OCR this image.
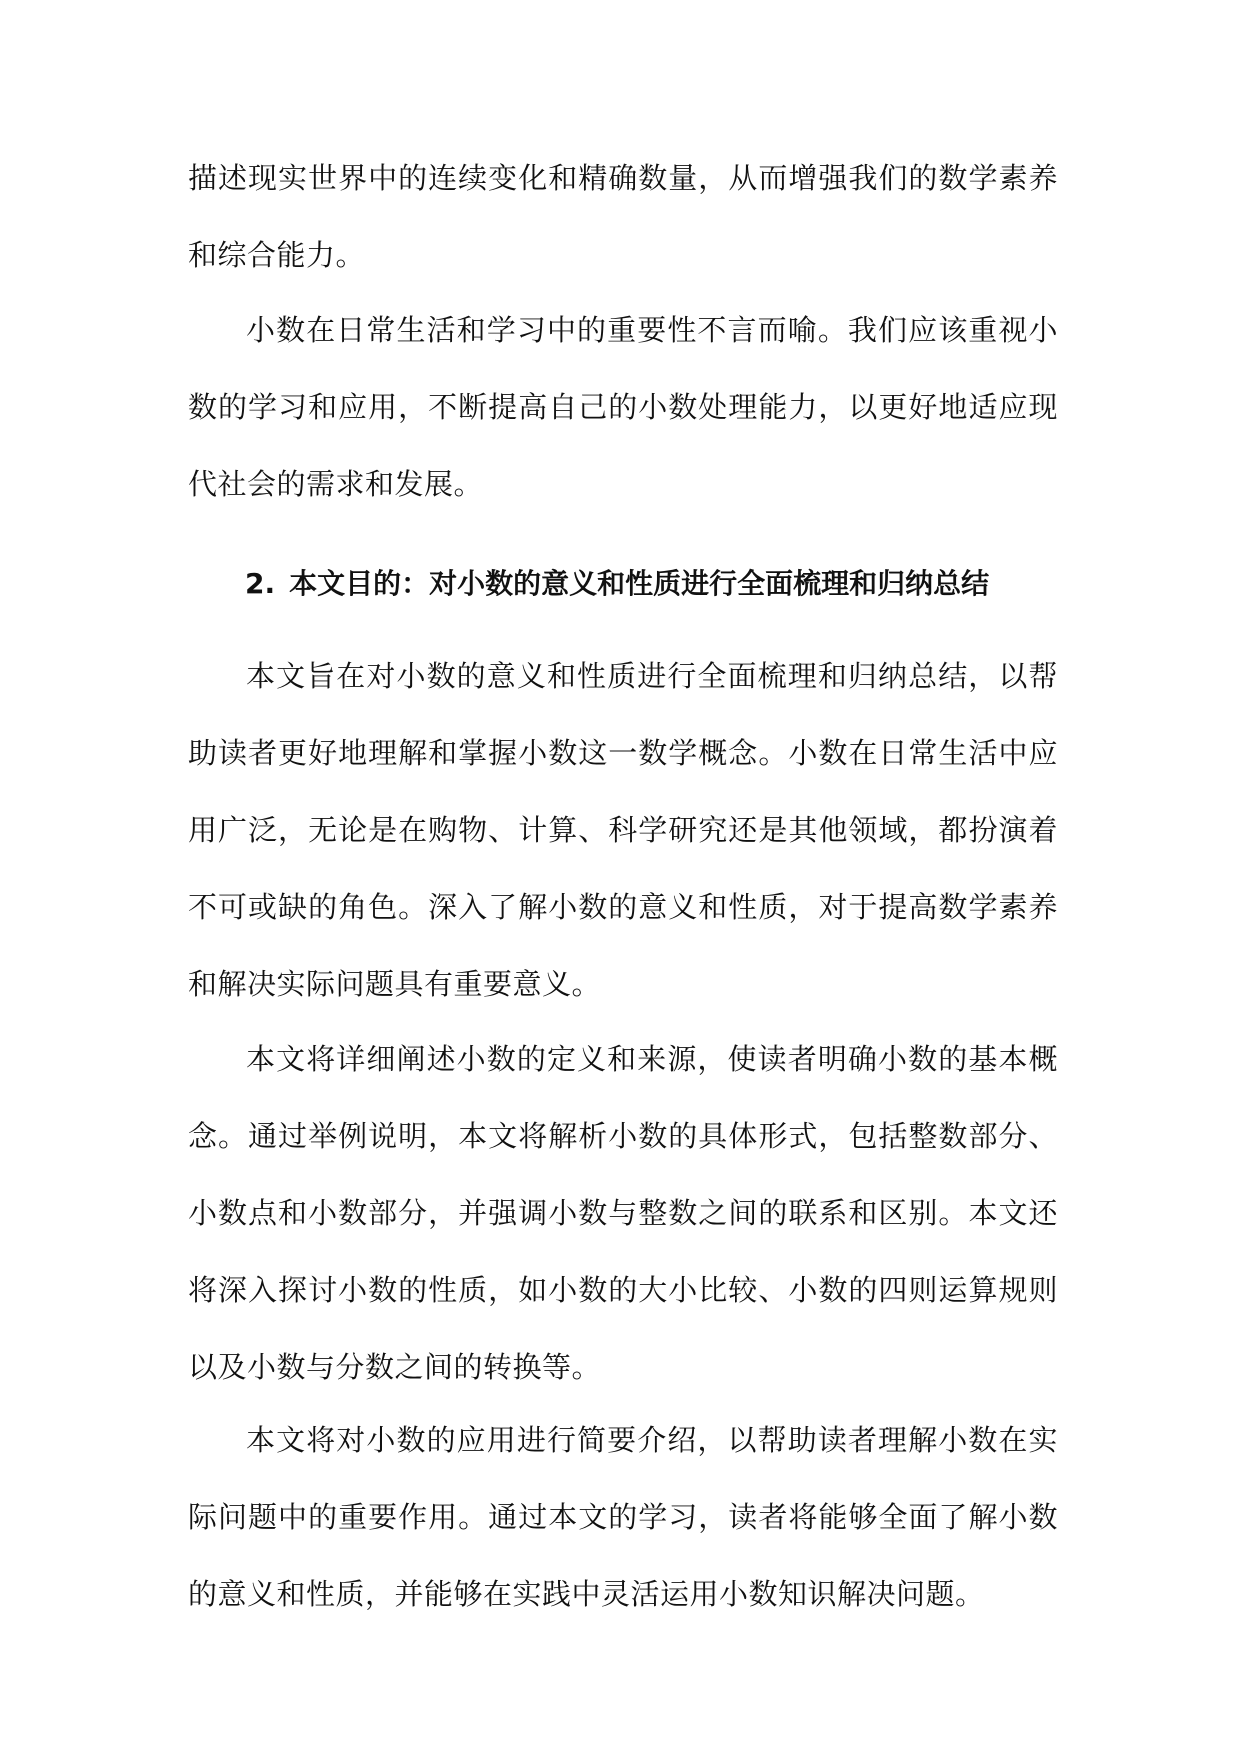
描述现实世界中的连续变化和精确数量，从而增强我们的数学素养和综合能力。

小数在日常生活和学习中的重要性不言而喻。我们应该重视小数的学习和应用，不断提高自己的小数处理能力，以更好地适应现代社会的需求和发展。

2. 本文目的：对小数的意义和性质进行全面梳理和归纳总结

本文旨在对小数的意义和性质进行全面梳理和归纳总结，以帮助读者更好地理解和掌握小数这一数学概念。小数在日常生活中应用广泛，无论是在购物、计算、科学研究还是其他领域，都扮演着不可或缺的角色。深入了解小数的意义和性质，对于提高数学素养和解决实际问题具有重要意义。

本文将详细阐述小数的定义和来源，使读者明确小数的基本概念。通过举例说明，本文将解析小数的具体形式，包括整数部分、小数点和小数部分，并强调小数与整数之间的联系和区别。本文还将深入探讨小数的性质，如小数的大小比较、小数的四则运算规则以及小数与分数之间的转换等。

本文将对小数的应用进行简要介绍，以帮助读者理解小数在实际问题中的重要作用。通过本文的学习，读者将能够全面了解小数的意义和性质，并能够在实践中灵活运用小数知识解决问题。
